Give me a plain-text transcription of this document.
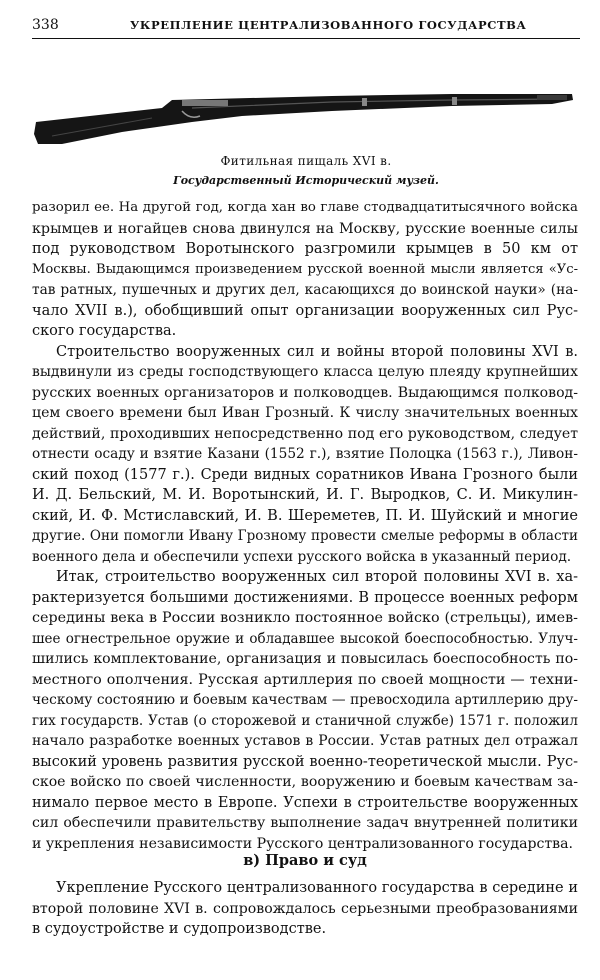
338	УКРЕПЛЕНИЕ ЦЕНТРАЛИЗОВАННОГО ГОСУДАРСТВА
Фитильная пищаль XVI в.
Государственный Исторический музей.

разорил ее. На другой год, когда хан во главе стодвадцатитысячного войска
крымцев и ногайцев снова двинулся на Москву, русские военные силы
под руководством Воротынского разгромили крымцев в 50 км от
Москвы. Выдающимся произведением русской военной мысли является «Ус-
тав ратных, пушечных и других дел, касающихся до воинской науки» (на-
чало XVII в.), обобщивший опыт организации вооруженных сил Рус-
ского государства.

Строительство вооруженных сил и войны второй половины XVI в.
выдвинули из среды господствующего класса целую плеяду крупнейших
русских военных организаторов и полководцев. Выдающимся полковод-
цем своего времени был Иван Грозный. К числу значительных военных
действий, проходивших непосредственно под его руководством, следует
отнести осаду и взятие Казани (1552 г.), взятие Полоцка (1563 г.), Ливон-
ский поход (1577 г.). Среди видных соратников Ивана Грозного были
И. Д. Бельский, М. И. Воротынский, И. Г. Выродков, С. И. Микулин-
ский, И. Ф. Мстиславский, И. В. Шереметев, П. И. Шуйский и многие
другие. Они помогли Ивану Грозному провести смелые реформы в области
военного дела и обеспечили успехи русского войска в указанный период.

Итак, строительство вооруженных сил второй половины XVI в. ха-
рактеризуется большими достижениями. В процессе военных реформ
середины века в России возникло постоянное войско (стрельцы), имев-
шее огнестрельное оружие и обладавшее высокой боеспособностью. Улуч-
шились комплектование, организация и повысилась боеспособность по-
местного ополчения. Русская артиллерия по своей мощности — техни-
ческому состоянию и боевым качествам — превосходила артиллерию дру-
гих государств. Устав (о сторожевой и станичной службе) 1571 г. положил
начало разработке военных уставов в России. Устав ратных дел отражал
высокий уровень развития русской военно-теоретической мысли. Рус-
ское войско по своей численности, вооружению и боевым качествам за-
нимало первое место в Европе. Успехи в строительстве вооруженных
сил обеспечили правительству выполнение задач внутренней политики
и укрепления независимости Русского централизованного государства.

в) Право и суд

Укрепление Русского централизованного государства в середине и
второй половине XVI в. сопровождалось серьезными преобразованиями
в судоустройстве и судопроизводстве.
